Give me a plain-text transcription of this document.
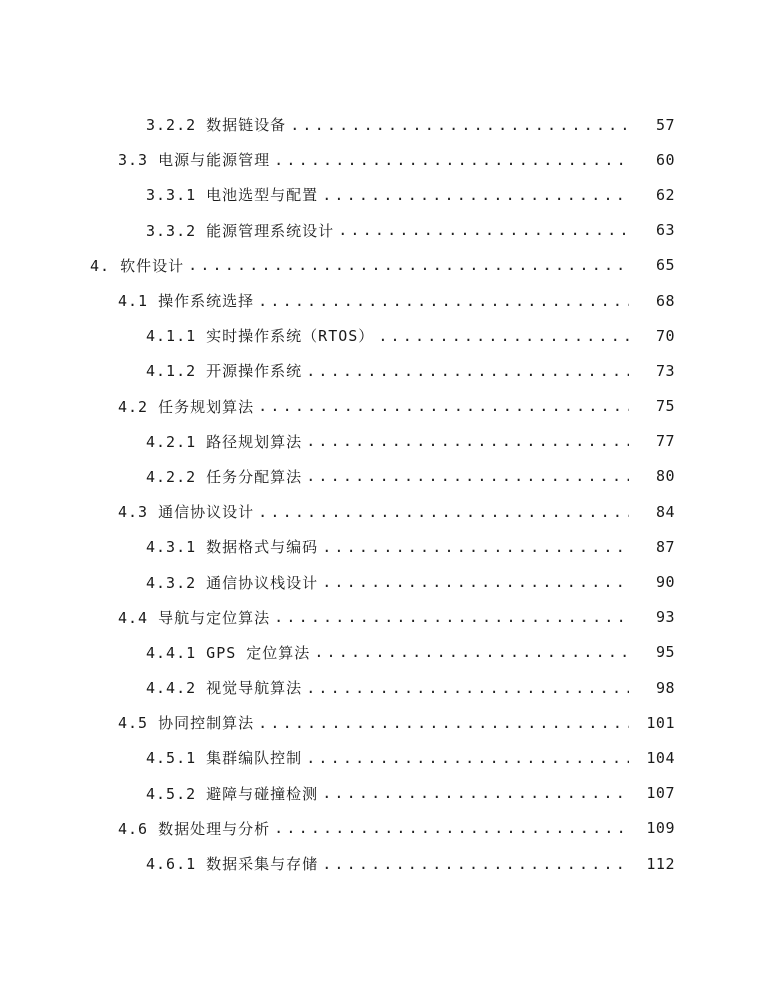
3.2.2 数据链设备 .....	57
3.3 电源与能源管理 .....	60
3.3.1 电池选型与配置 .....	62
3.3.2 能源管理系统设计 .....	63
4. 软件设计 .....	65
4.1 操作系统选择 .....	68
4.1.1 实时操作系统（RTOS） .....	70
4.1.2 开源操作系统 .....	73
4.2 任务规划算法 .....	75
4.2.1 路径规划算法 .....	77
4.2.2 任务分配算法 .....	80
4.3 通信协议设计 .....	84
4.3.1 数据格式与编码 .....	87
4.3.2 通信协议栈设计 .....	90
4.4 导航与定位算法 .....	93
4.4.1 GPS 定位算法 .....	95
4.4.2 视觉导航算法 .....	98
4.5 协同控制算法 .....	101
4.5.1 集群编队控制 .....	104
4.5.2 避障与碰撞检测 .....	107
4.6 数据处理与分析 .....	109
4.6.1 数据采集与存储 .....	112
